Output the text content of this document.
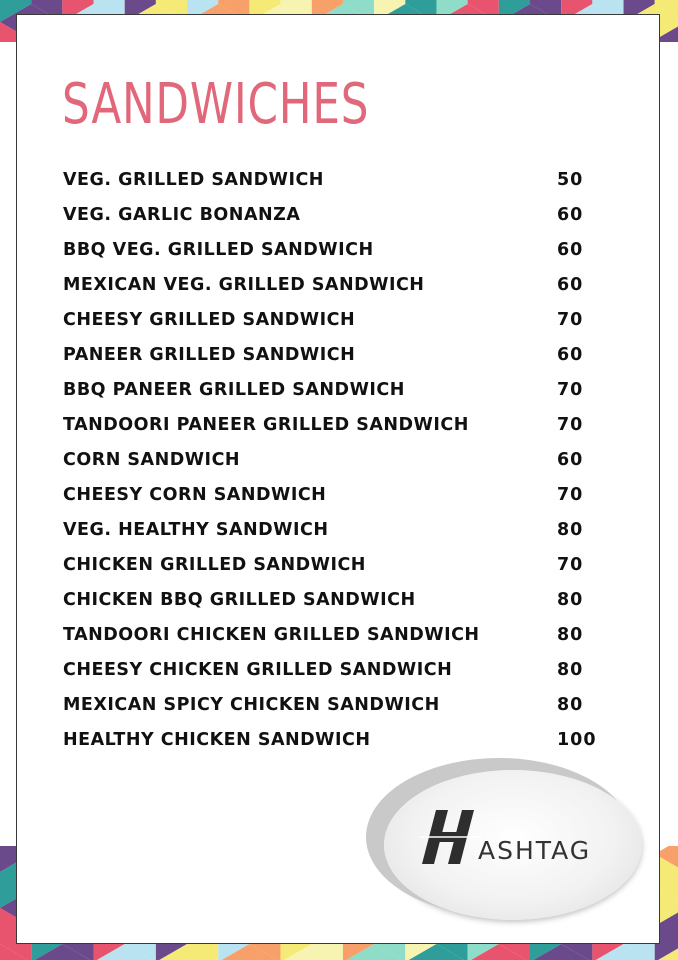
SANDWICHES
VEG. GRILLED SANDWICH	50
VEG. GARLIC BONANZA	60
BBQ VEG. GRILLED SANDWICH	60
MEXICAN VEG. GRILLED SANDWICH	60
CHEESY GRILLED SANDWICH	70
PANEER GRILLED SANDWICH	60
BBQ PANEER GRILLED SANDWICH	70
TANDOORI PANEER GRILLED SANDWICH	70
CORN SANDWICH	60
CHEESY CORN SANDWICH	70
VEG. HEALTHY SANDWICH	80
CHICKEN GRILLED SANDWICH	70
CHICKEN BBQ GRILLED SANDWICH	80
TANDOORI CHICKEN GRILLED SANDWICH	80
CHEESY CHICKEN GRILLED SANDWICH	80
MEXICAN SPICY CHICKEN SANDWICH	80
HEALTHY CHICKEN SANDWICH	100
ASHTAG
